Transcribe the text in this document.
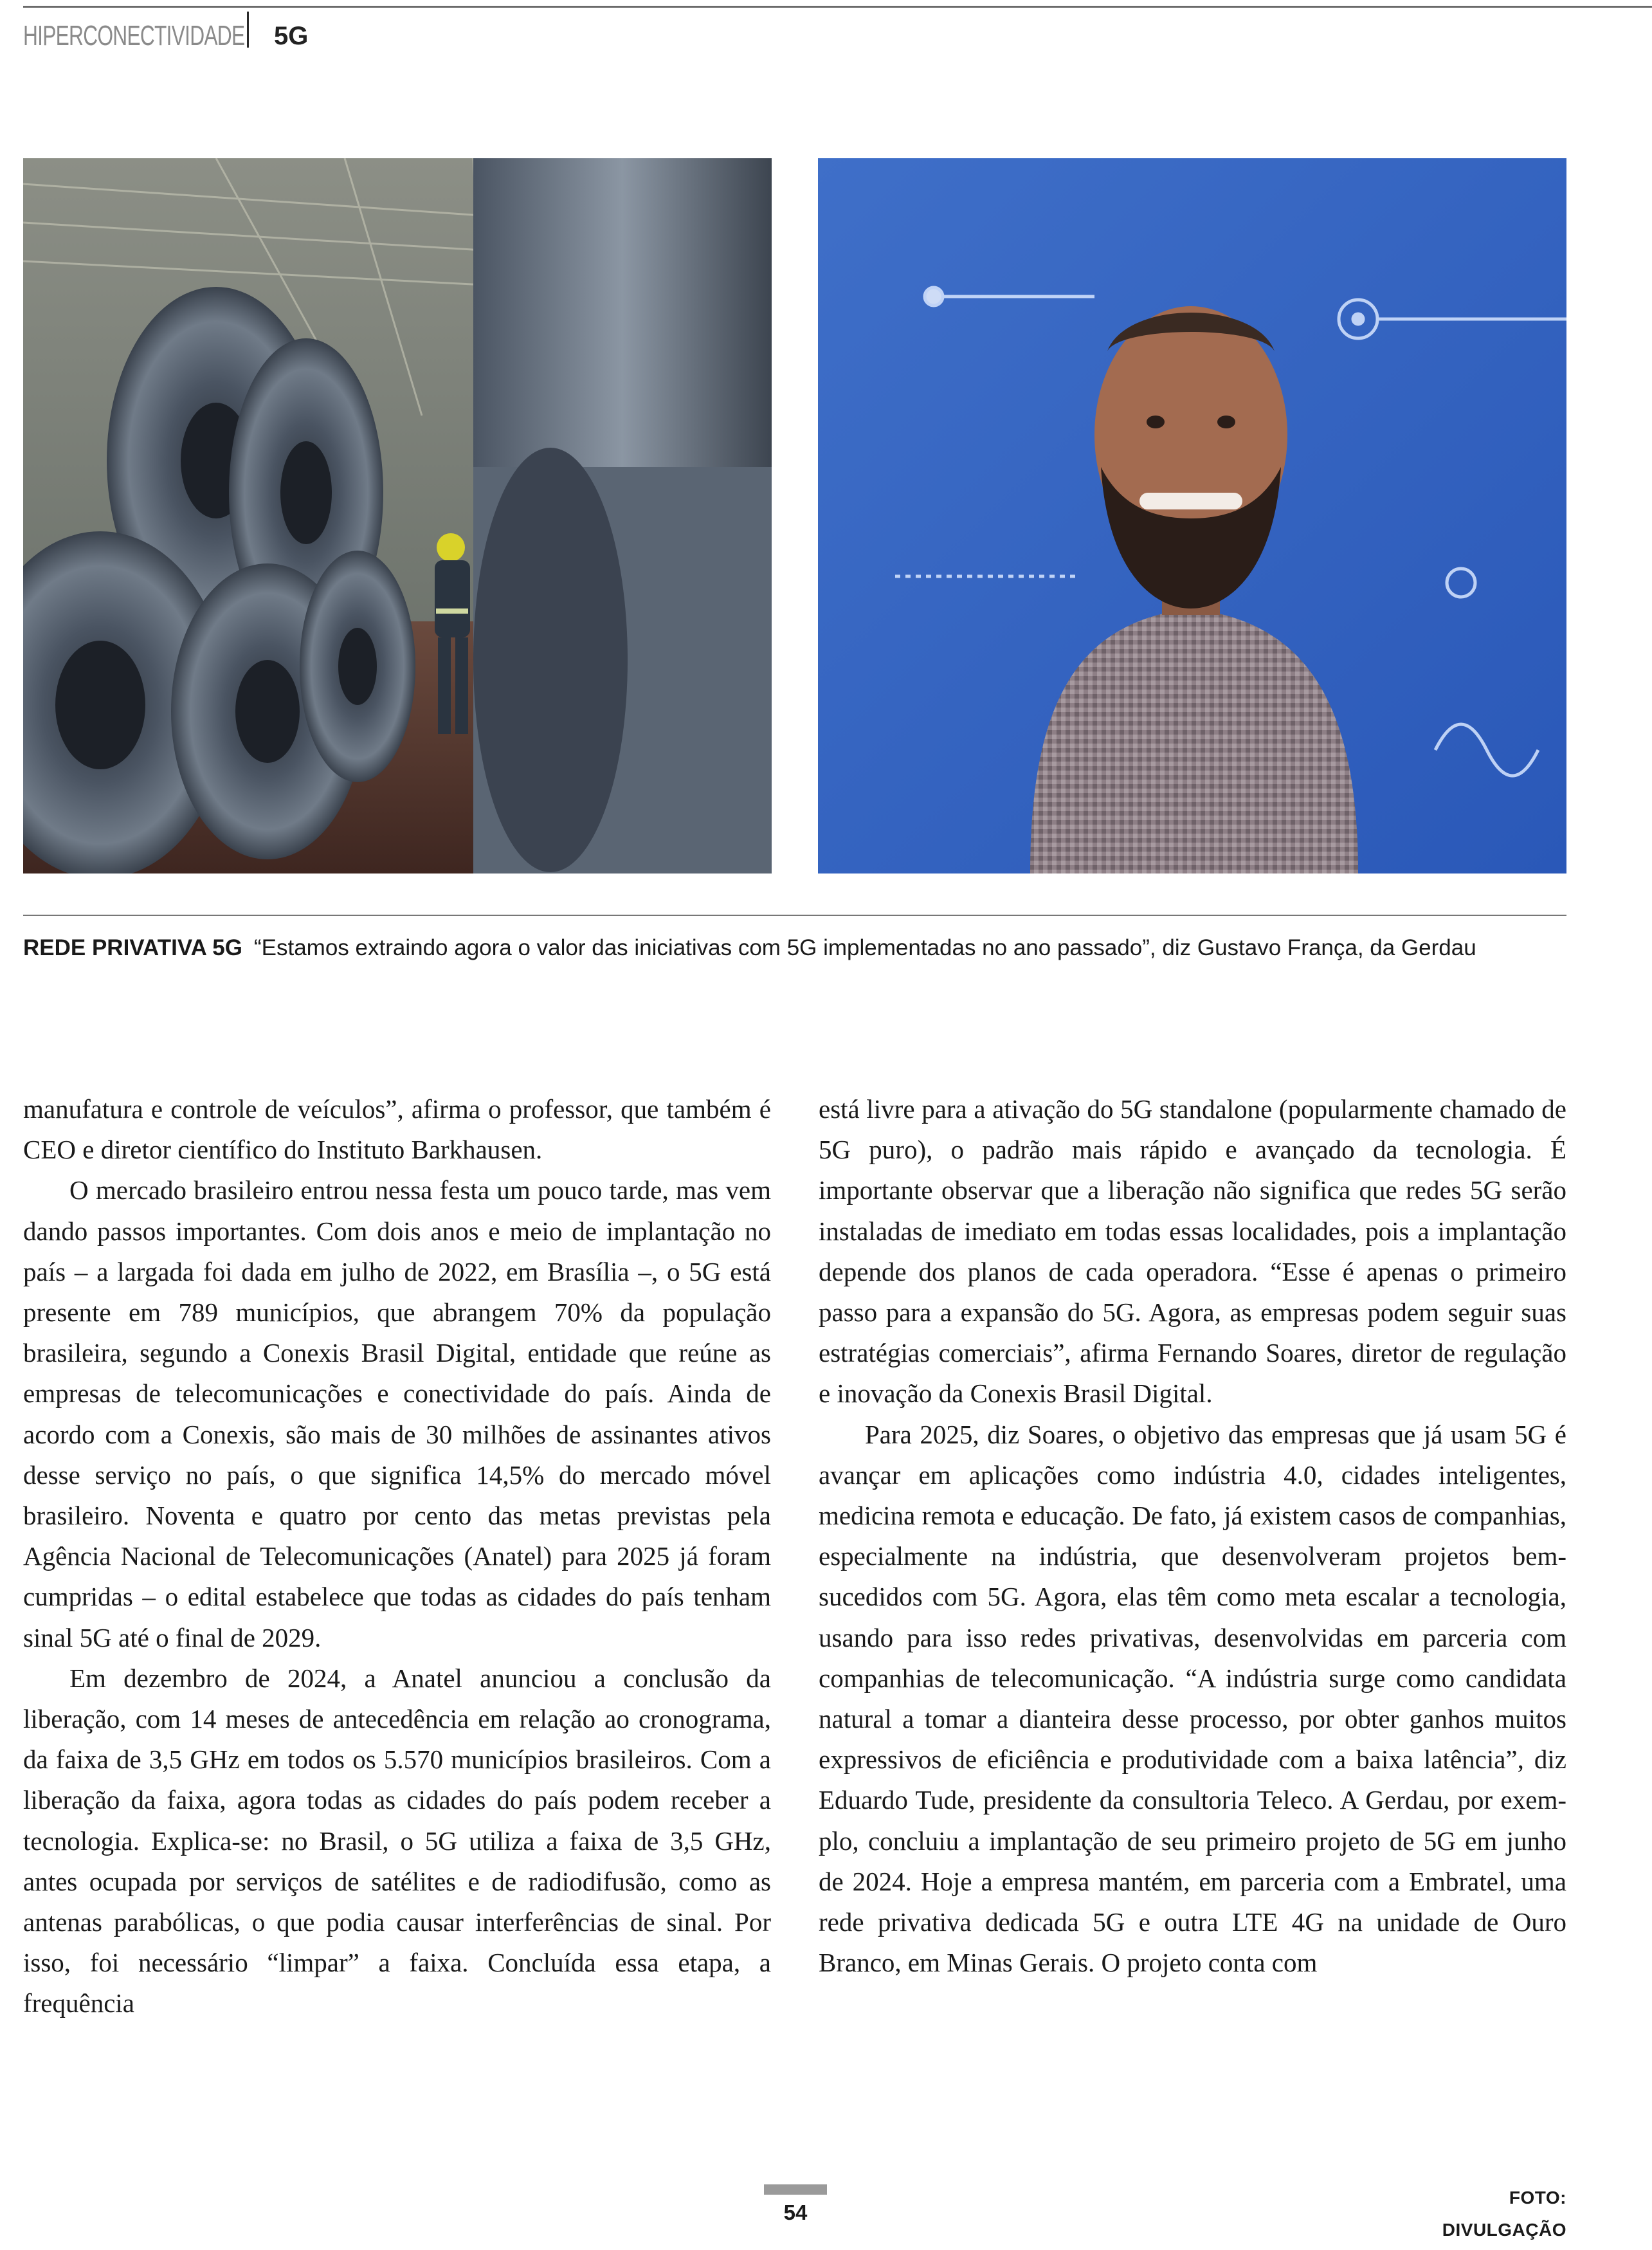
HIPERCONECTIVIDADE 5G
REDE PRIVATIVA 5G “Estamos extraindo agora o valor das iniciativas com 5G implementadas no ano passado”, diz Gustavo França, da Gerdau

manufatura e controle de veículos”, afirma o professor, que também é CEO e diretor científico do Instituto Barkhausen.

O mercado brasileiro entrou nessa festa um pouco tarde, mas vem dando passos importantes. Com dois anos e meio de implantação no país – a largada foi dada em julho de 2022, em Brasília –, o 5G está presente em 789 municípios, que abrangem 70% da população brasileira, segundo a Conexis Brasil Digital, entidade que reúne as empresas de telecomunicações e conectividade do país. Ainda de acordo com a Conexis, são mais de 30 milhões de assinantes ativos desse serviço no país, o que significa 14,5% do mercado móvel brasileiro. Noventa e quatro por cento das metas previstas pela Agência Nacional de Telecomunicações (Anatel) para 2025 já foram cumpridas – o edital estabelece que todas as cidades do país tenham sinal 5G até o final de 2029.

Em dezembro de 2024, a Anatel anunciou a conclusão da liberação, com 14 meses de antecedência em relação ao cronograma, da faixa de 3,5 GHz em todos os 5.570 municípios brasileiros. Com a liberação da faixa, agora todas as cidades do país podem receber a tecnologia. Explica-se: no Brasil, o 5G utiliza a faixa de 3,5 GHz, antes ocupada por serviços de satélites e de radiodifusão, como as antenas parabólicas, o que podia causar interferências de sinal. Por isso, foi necessário “limpar” a faixa. Concluída essa etapa, a frequência

está livre para a ativação do 5G standalone (popularmente chamado de 5G puro), o padrão mais rápido e avançado da tecnologia. É importante observar que a liberação não significa que redes 5G serão instaladas de imediato em todas essas localidades, pois a implantação depende dos planos de cada operadora. “Esse é apenas o primeiro passo para a expansão do 5G. Agora, as empresas podem seguir suas estratégias comerciais”, afirma Fernando Soares, diretor de regulação e inovação da Conexis Brasil Digital.

Para 2025, diz Soares, o objetivo das empresas que já usam 5G é avançar em aplicações como indústria 4.0, cidades inteligentes, medicina remota e educação. De fato, já existem casos de companhias, especialmente na indústria, que desenvolveram projetos bem-sucedidos com 5G. Agora, elas têm como meta escalar a tecnologia, usando para isso redes privativas, desenvolvidas em parceria com companhias de telecomunicação. “A indústria surge como candidata natural a tomar a dianteira desse processo, por obter ganhos muitos expressivos de eficiência e produtividade com a baixa latência”, diz Eduardo Tude, presidente da consultoria Teleco. A Gerdau, por exemplo, concluiu a implantação de seu primeiro projeto de 5G em junho de 2024. Hoje a empresa mantém, em parceria com a Embratel, uma rede privativa dedicada 5G e outra LTE 4G na unidade de Ouro Branco, em Minas Gerais. O projeto conta com

54
FOTO: DIVULGAÇÃO
